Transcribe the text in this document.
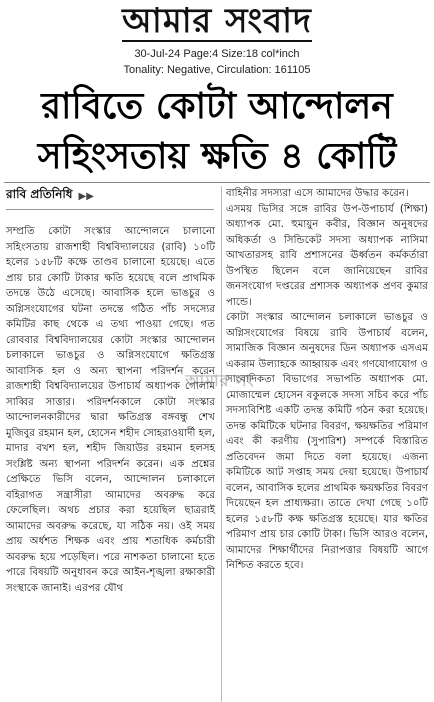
আমার সংবাদ
30-Jul-24 Page:4 Size:18 col*inch
Tonality: Negative, Circulation: 161105
রাবিতে কোটা আন্দোলন
সহিংসতায় ক্ষতি ৪ কোটি
রাবি প্রতিনিধি ▶▶

সম্প্রতি কোটা সংস্কার আন্দোলনে চালানো সহিংসতায় রাজশাহী বিশ্ববিদ্যালয়ের (রাবি) ১০টি হলের ১৫৮টি কক্ষে তাণ্ডব চালানো হয়েছে। এতে প্রায় চার কোটি টাকার ক্ষতি হয়েছে বলে প্রাথমিক তদন্তে উঠে এসেছে। আবাসিক হলে ভাঙচুর ও অগ্নিসংযোগের ঘটনা তদন্তে গঠিত পাঁচ সদস্যের কমিটির কাছ থেকে এ তথ্য পাওয়া গেছে। গত রোববার বিশ্ববিদ্যালয়ের কোটা সংস্কার আন্দোলন চলাকালে ভাঙচুর ও অগ্নিসংযোগে ক্ষতিগ্রস্ত আবাসিক হল ও অন্য স্থাপনা পরিদর্শন করেন রাজশাহী বিশ্ববিদ্যালয়ের উপাচার্য অধ্যাপক গোলাম সাব্বির সাত্তার। পরিদর্শনকালে কোটা সংস্কার আন্দোলনকারীদের দ্বারা ক্ষতিগ্রস্ত বঙ্গবন্ধু শেখ মুজিবুর রহমান হল, হোসেন শহীদ সোহরাওয়ার্দী হল, মাদার বখশ হল, শহীদ জিয়াউর রহমান হলসহ সংশ্লিষ্ট অন্য স্থাপনা পরিদর্শন করেন। এক প্রশ্নের প্রেক্ষিতে ভিসি বলেন, আন্দোলন চলাকালে বহিরাগত সন্ত্রাসীরা আমাদের অবরুদ্ধ করে ফেলেছিল। অথচ প্রচার করা হয়েছিল ছাত্ররাই আমাদের অবরুদ্ধ করেছে, যা সঠিক নয়। ওই সময় প্রায় অর্ধশত শিক্ষক এবং প্রায় শতাধিক কর্মচারী অবরুদ্ধ হয়ে পড়েছিল। পরে নাশকতা চালানো হতে পারে বিষয়টি অনুধাবন করে আইন-শৃঙ্খলা রক্ষাকারী সংস্থাকে জানাই। এরপর যৌথ

বাহিনীর সদস্যরা এসে আমাদের উদ্ধার করেন।

এসময় ভিসির সঙ্গে রাবির উপ-উপাচার্য (শিক্ষা) অধ্যাপক মো. হুমায়ুন কবীর, বিজ্ঞান অনুষদের অধিকর্তা ও সিন্ডিকেট সদস্য অধ্যাপক নাসিমা আখতারসহ রাবি প্রশাসনের ঊর্ধ্বতন কর্মকর্তারা উপস্থিত ছিলেন বলে জানিয়েছেন রাবির জনসংযোগ দপ্তরের প্রশাসক অধ্যাপক প্রণব কুমার পান্ডে।

কোটা সংস্কার আন্দোলন চলাকালে ভাঙচুর ও অগ্নিসংযোগের বিষয়ে রাবি উপাচার্য বলেন, সামাজিক বিজ্ঞান অনুষদের ডিন অধ্যাপক এসএম একরাম উল্যাহকে আহ্বায়ক এবং গণযোগাযোগ ও সাংবাদিকতা বিভাগের সভাপতি অধ্যাপক মো. মোজাম্মেল হোসেন বকুলকে সদস্য সচিব করে পাঁচ সদস্যবিশিষ্ট একটি তদন্ত কমিটি গঠন করা হয়েছে। তদন্ত কমিটিকে ঘটনার বিবরণ, ক্ষয়ক্ষতির পরিমাণ এবং কী করণীয় (সুপারিশ) সম্পর্কে বিস্তারিত প্রতিবেদন জমা দিতে বলা হয়েছে। এজন্য কমিটিকে আট সপ্তাহ সময় দেয়া হয়েছে। উপাচার্য বলেন, আবাসিক হলের প্রাথমিক ক্ষয়ক্ষতির বিবরণ দিয়েছেন হল প্রাধ্যক্ষরা। তাতে দেখা গেছে ১০টি হলের ১৫৮টি কক্ষ ক্ষতিগ্রস্ত হয়েছে। যার ক্ষতির পরিমাণ প্রায় চার কোটি টাকা। ভিসি আরও বলেন, আমাদের শিক্ষার্থীদের নিরাপত্তার বিষয়টি আগে নিশ্চিত করতে হবে।

আমার সং
